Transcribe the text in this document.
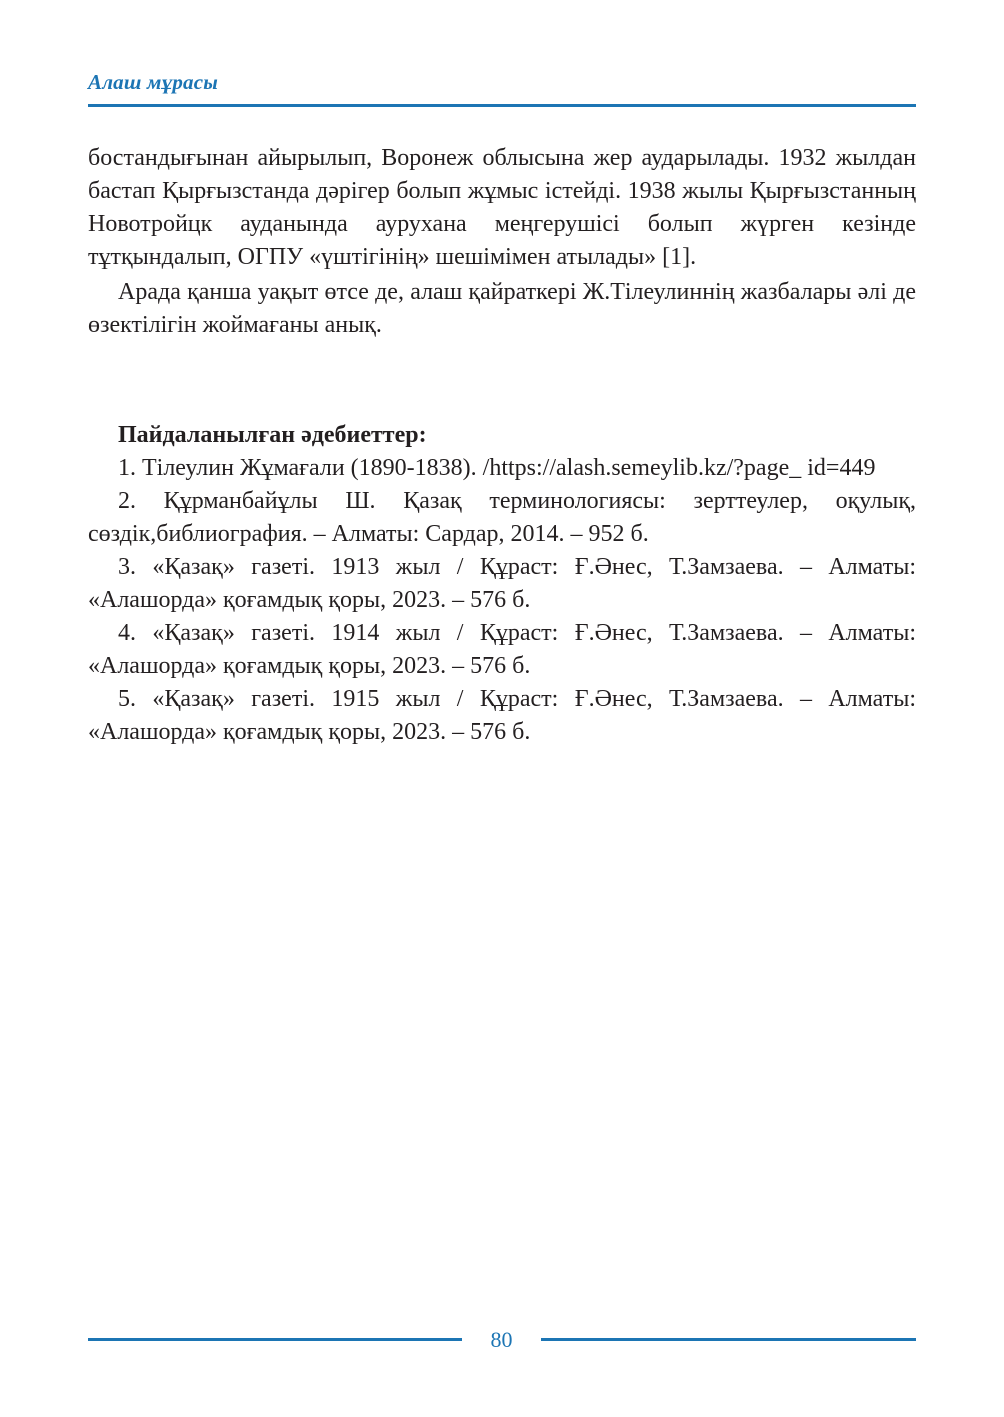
Алаш мұрасы

бостандығынан айырылып, Воронеж облысына жер аударылады. 1932 жылдан бастап Қырғызстанда дәрігер болып жұмыс істейді. 1938 жылы Қырғызстанның Новотройцк ауданында аурухана меңгерушісі болып жүрген кезінде тұтқындалып, ОГПУ «үштігінің» шешімімен атылады» [1].

Арада қанша уақыт өтсе де, алаш қайраткері Ж.Тілеулиннің жазбалары әлі де өзектілігін жоймағаны анық.

Пайдаланылған әдебиеттер:

1. Тілеулин Жұмағали (1890-1838). /https://alash.semeylib.kz/?page_ id=449

2. Құрманбайұлы Ш. Қазақ терминологиясы: зерттеулер, оқулық, сөздік,библиография. – Алматы: Сардар, 2014. – 952 б.

3. «Қазақ» газеті. 1913 жыл / Құраст: Ғ.Әнес, Т.Замзаева. – Алматы: «Алашорда» қоғамдық қоры, 2023. – 576 б.

4. «Қазақ» газеті. 1914 жыл / Құраст: Ғ.Әнес, Т.Замзаева. – Алматы: «Алашорда» қоғамдық қоры, 2023. – 576 б.

5. «Қазақ» газеті. 1915 жыл / Құраст: Ғ.Әнес, Т.Замзаева. – Алматы: «Алашорда» қоғамдық қоры, 2023. – 576 б.

80
